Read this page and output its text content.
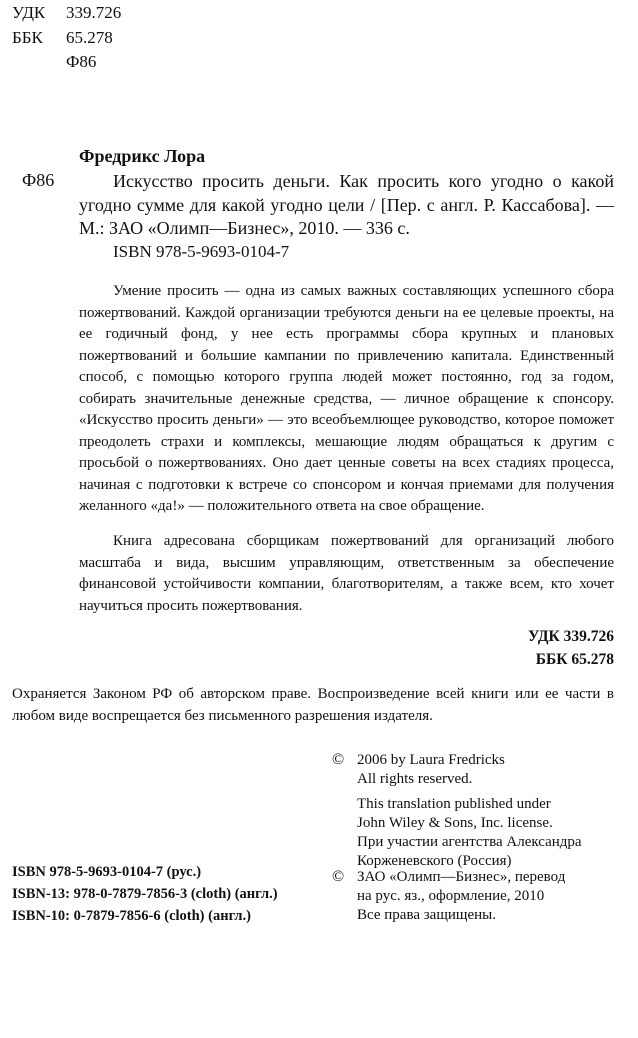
УДК 339.726
ББК 65.278
Ф86
Фредрикс Лора
Ф86	Искусство просить деньги. Как просить кого угодно о какой угодно сумме для какой угодно цели / [Пер. с англ. Р. Кассабова]. — М.: ЗАО «Олимп—Бизнес», 2010. — 336 с.

ISBN 978-5-9693-0104-7

Умение просить — одна из самых важных составляющих успешного сбора пожертвований. Каждой организации требуются деньги на ее целевые проекты, на ее годичный фонд, у нее есть программы сбора крупных и плановых пожертвований и большие кампании по привлечению капитала. Единственный способ, с помощью которого группа людей может постоянно, год за годом, собирать значительные денежные средства, — личное обращение к спонсору. «Искусство просить деньги» — это всеобъемлющее руководство, которое поможет преодолеть страхи и комплексы, мешающие людям обращаться к другим с просьбой о пожертвованиях. Оно дает ценные советы на всех стадиях процесса, начиная с подготовки к встрече со спонсором и кончая приемами для получения желанного «да!» — положительного ответа на свое обращение.

Книга адресована сборщикам пожертвований для организаций любого масштаба и вида, высшим управляющим, ответственным за обеспечение финансовой устойчивости компании, благотворителям, а также всем, кто хочет научиться просить пожертвования.

УДК 339.726
ББК 65.278

Охраняется Законом РФ об авторском праве. Воспроизведение всей книги или ее части в любом виде воспрещается без письменного разрешения издателя.

© 2006 by Laura Fredricks
All rights reserved.
This translation published under
John Wiley & Sons, Inc. license.
При участии агентства Александра
Корженевского (Россия)
© ЗАО «Олимп—Бизнес», перевод
на рус. яз., оформление, 2010
Все права защищены.
ISBN 978-5-9693-0104-7 (рус.)
ISBN-13: 978-0-7879-7856-3 (cloth) (англ.)
ISBN-10: 0-7879-7856-6 (cloth) (англ.)
